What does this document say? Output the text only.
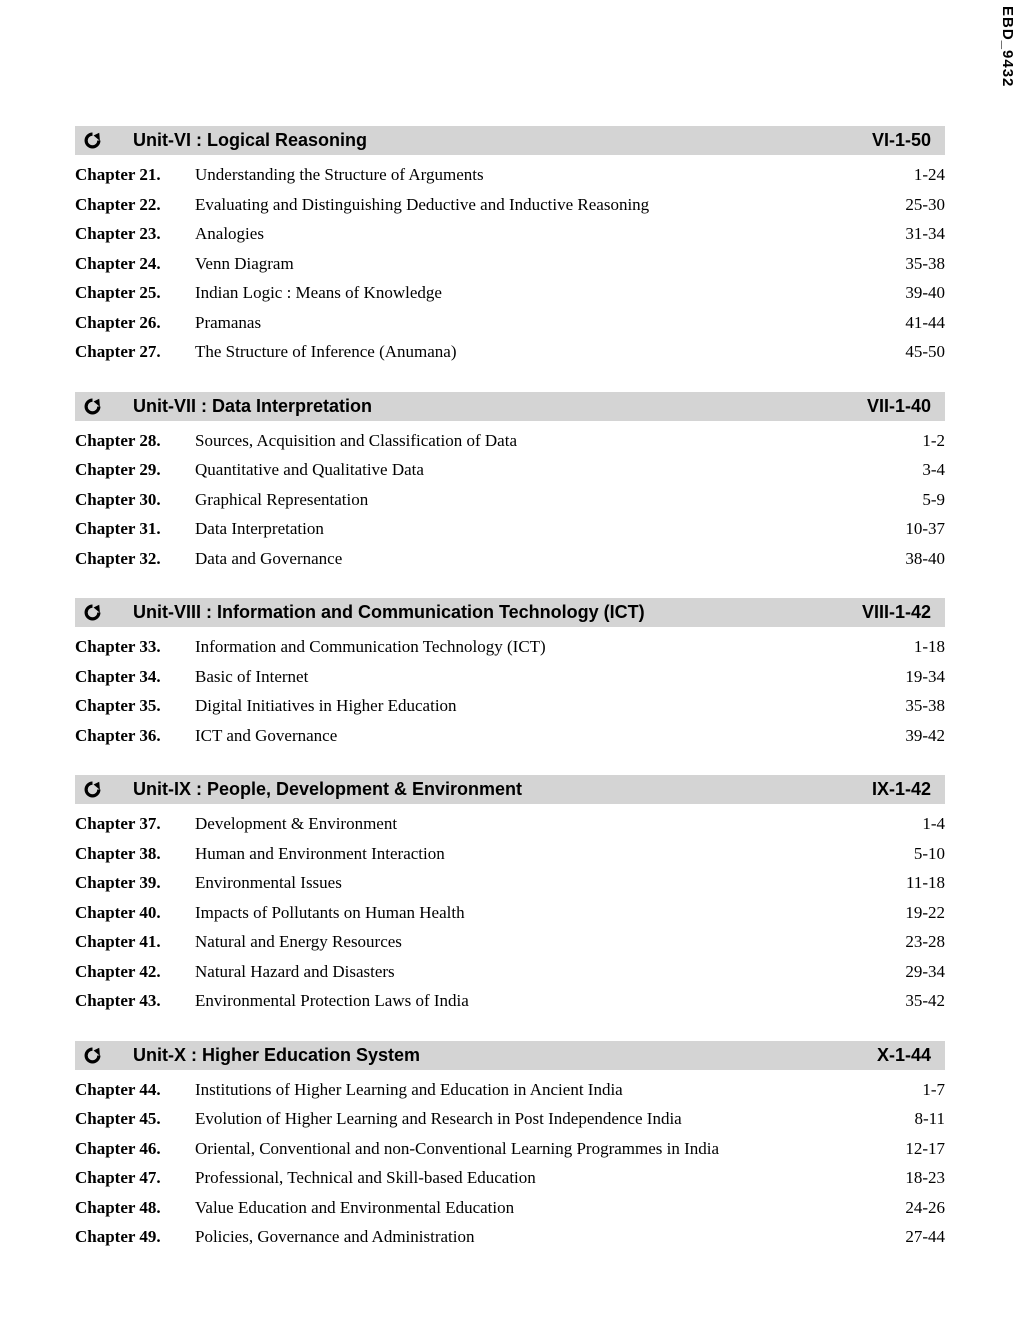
EBD_9432
Unit-VI : Logical Reasoning	VI-1-50
Chapter 21.	Understanding the Structure of Arguments	1-24
Chapter 22.	Evaluating and Distinguishing Deductive and Inductive Reasoning	25-30
Chapter 23.	Analogies	31-34
Chapter 24.	Venn Diagram	35-38
Chapter 25.	Indian Logic : Means of Knowledge	39-40
Chapter 26.	Pramanas	41-44
Chapter 27.	The Structure of Inference (Anumana)	45-50
Unit-VII : Data Interpretation	VII-1-40
Chapter 28.	Sources, Acquisition and Classification of Data	1-2
Chapter 29.	Quantitative and Qualitative Data	3-4
Chapter 30.	Graphical Representation	5-9
Chapter 31.	Data Interpretation	10-37
Chapter 32.	Data and Governance	38-40
Unit-VIII : Information and Communication Technology (ICT)	VIII-1-42
Chapter 33.	Information and Communication Technology (ICT)	1-18
Chapter 34.	Basic of Internet	19-34
Chapter 35.	Digital Initiatives in Higher Education	35-38
Chapter 36.	ICT and Governance	39-42
Unit-IX : People, Development & Environment	IX-1-42
Chapter 37.	Development & Environment	1-4
Chapter 38.	Human and Environment Interaction	5-10
Chapter 39.	Environmental Issues	11-18
Chapter 40.	Impacts of Pollutants on Human Health	19-22
Chapter 41.	Natural and Energy Resources	23-28
Chapter 42.	Natural Hazard and Disasters	29-34
Chapter 43.	Environmental Protection Laws of India	35-42
Unit-X : Higher Education System	X-1-44
Chapter 44.	Institutions of Higher Learning and Education in Ancient India	1-7
Chapter 45.	Evolution of Higher Learning and Research in Post Independence India	8-11
Chapter 46.	Oriental, Conventional and non-Conventional Learning Programmes in India	12-17
Chapter 47.	Professional, Technical and Skill-based Education	18-23
Chapter 48.	Value Education and Environmental Education	24-26
Chapter 49.	Policies, Governance and Administration	27-44
